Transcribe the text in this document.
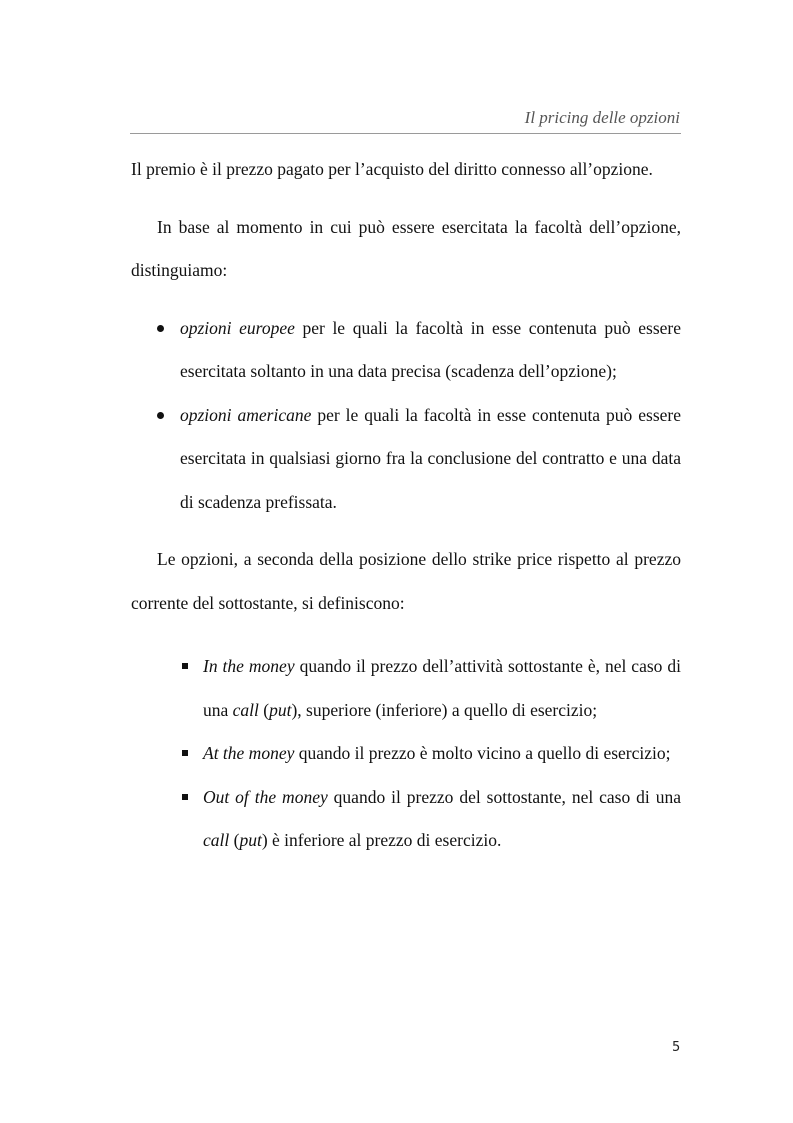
Il pricing delle opzioni

Il premio è il prezzo pagato per l’acquisto del diritto connesso all’opzione.

In base al momento in cui può essere esercitata la facoltà dell’opzione, distinguiamo:

opzioni europee per le quali la facoltà in esse contenuta può essere esercitata soltanto in una data precisa (scadenza dell’opzione);
opzioni americane per le quali la facoltà in esse contenuta può essere esercitata in qualsiasi giorno fra la conclusione del contratto e una data di scadenza prefissata.

Le opzioni, a seconda della posizione dello strike price rispetto al prezzo corrente del sottostante, si definiscono:

In the money quando il prezzo dell’attività sottostante è, nel caso di una call (put), superiore (inferiore) a quello di esercizio;
At the money quando il prezzo è molto vicino a quello di esercizio;
Out of the money quando il prezzo del sottostante, nel caso di una call (put) è inferiore al prezzo di esercizio.
5
